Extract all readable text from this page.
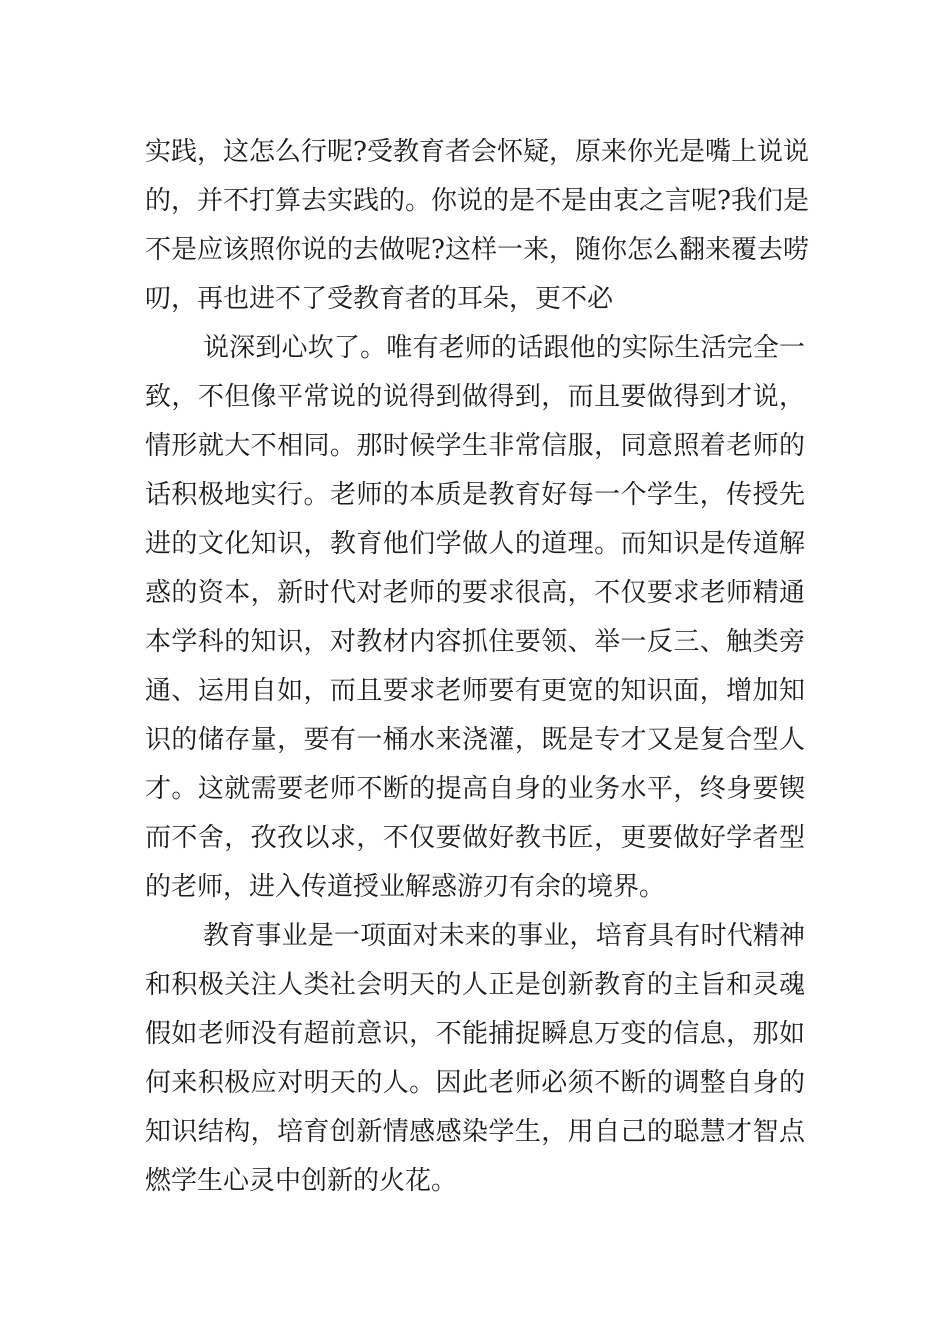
实践，这怎么行呢?受教育者会怀疑，原来你光是嘴上说说
的，并不打算去实践的。你说的是不是由衷之言呢?我们是
不是应该照你说的去做呢?这样一来，随你怎么翻来覆去唠
叨，再也进不了受教育者的耳朵，更不必
说深到心坎了。唯有老师的话跟他的实际生活完全一
致，不但像平常说的说得到做得到，而且要做得到才说，
情形就大不相同。那时候学生非常信服，同意照着老师的
话积极地实行。老师的本质是教育好每一个学生，传授先
进的文化知识，教育他们学做人的道理。而知识是传道解
惑的资本，新时代对老师的要求很高，不仅要求老师精通
本学科的知识，对教材内容抓住要领、举一反三、触类旁
通、运用自如，而且要求老师要有更宽的知识面，增加知
识的储存量，要有一桶水来浇灌，既是专才又是复合型人
才。这就需要老师不断的提高自身的业务水平，终身要锲
而不舍，孜孜以求，不仅要做好教书匠，更要做好学者型
的老师，进入传道授业解惑游刃有余的境界。
教育事业是一项面对未来的事业，培育具有时代精神
和积极关注人类社会明天的人正是创新教育的主旨和灵魂
假如老师没有超前意识，不能捕捉瞬息万变的信息，那如
何来积极应对明天的人。因此老师必须不断的调整自身的
知识结构，培育创新情感感染学生，用自己的聪慧才智点
燃学生心灵中创新的火花。
